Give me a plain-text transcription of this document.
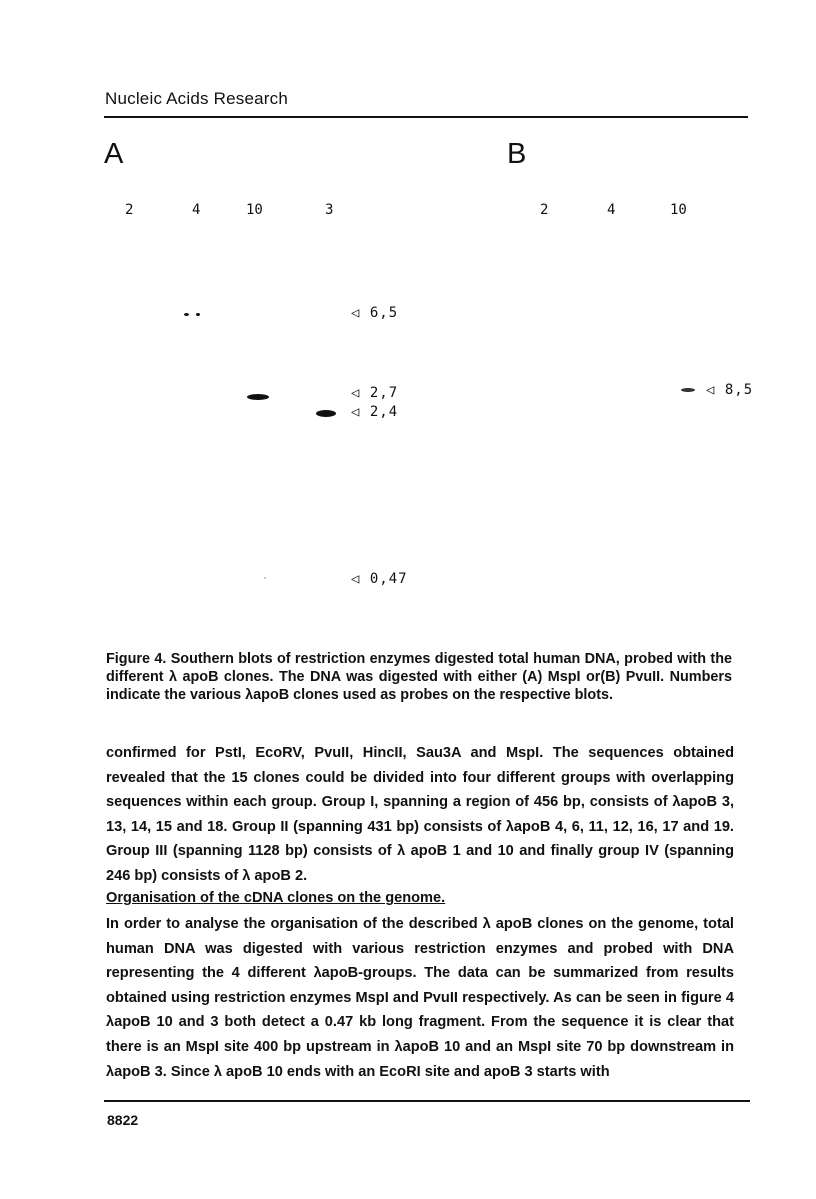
Nucleic Acids Research
A
2	4	10	3
◁ 6,5
◁ 2,7
◁ 2,4
◁ 0,47
B
2	4	10
◁ 8,5
Figure 4. Southern blots of restriction enzymes digested total human DNA, probed with the different λ apoB clones. The DNA was digested with either (A) MspI or(B) PvuII. Numbers indicate the various λapoB clones used as probes on the respective blots.
confirmed for PstI, EcoRV, PvuII, HincII, Sau3A and MspI. The sequences obtained revealed that the 15 clones could be divided into four different groups with overlapping sequences within each group. Group I, spanning a region of 456 bp, consists of λapoB 3, 13, 14, 15 and 18. Group II (spanning 431 bp) consists of λapoB 4, 6, 11, 12, 16, 17 and 19. Group III (spanning 1128 bp) consists of λ apoB 1 and 10 and finally group IV (spanning 246 bp) consists of λ apoB 2.
Organisation of the cDNA clones on the genome.
In order to analyse the organisation of the described λ apoB clones on the genome, total human DNA was digested with various restriction enzymes and probed with DNA representing the 4 different λapoB-groups. The data can be summarized from results obtained using restriction enzymes MspI and PvuII respectively. As can be seen in figure 4 λapoB 10 and 3 both detect a 0.47 kb long fragment. From the sequence it is clear that there is an MspI site 400 bp upstream in λapoB 10 and an MspI site 70 bp downstream in λapoB 3. Since λ apoB 10 ends with an EcoRI site and apoB 3 starts with
8822
